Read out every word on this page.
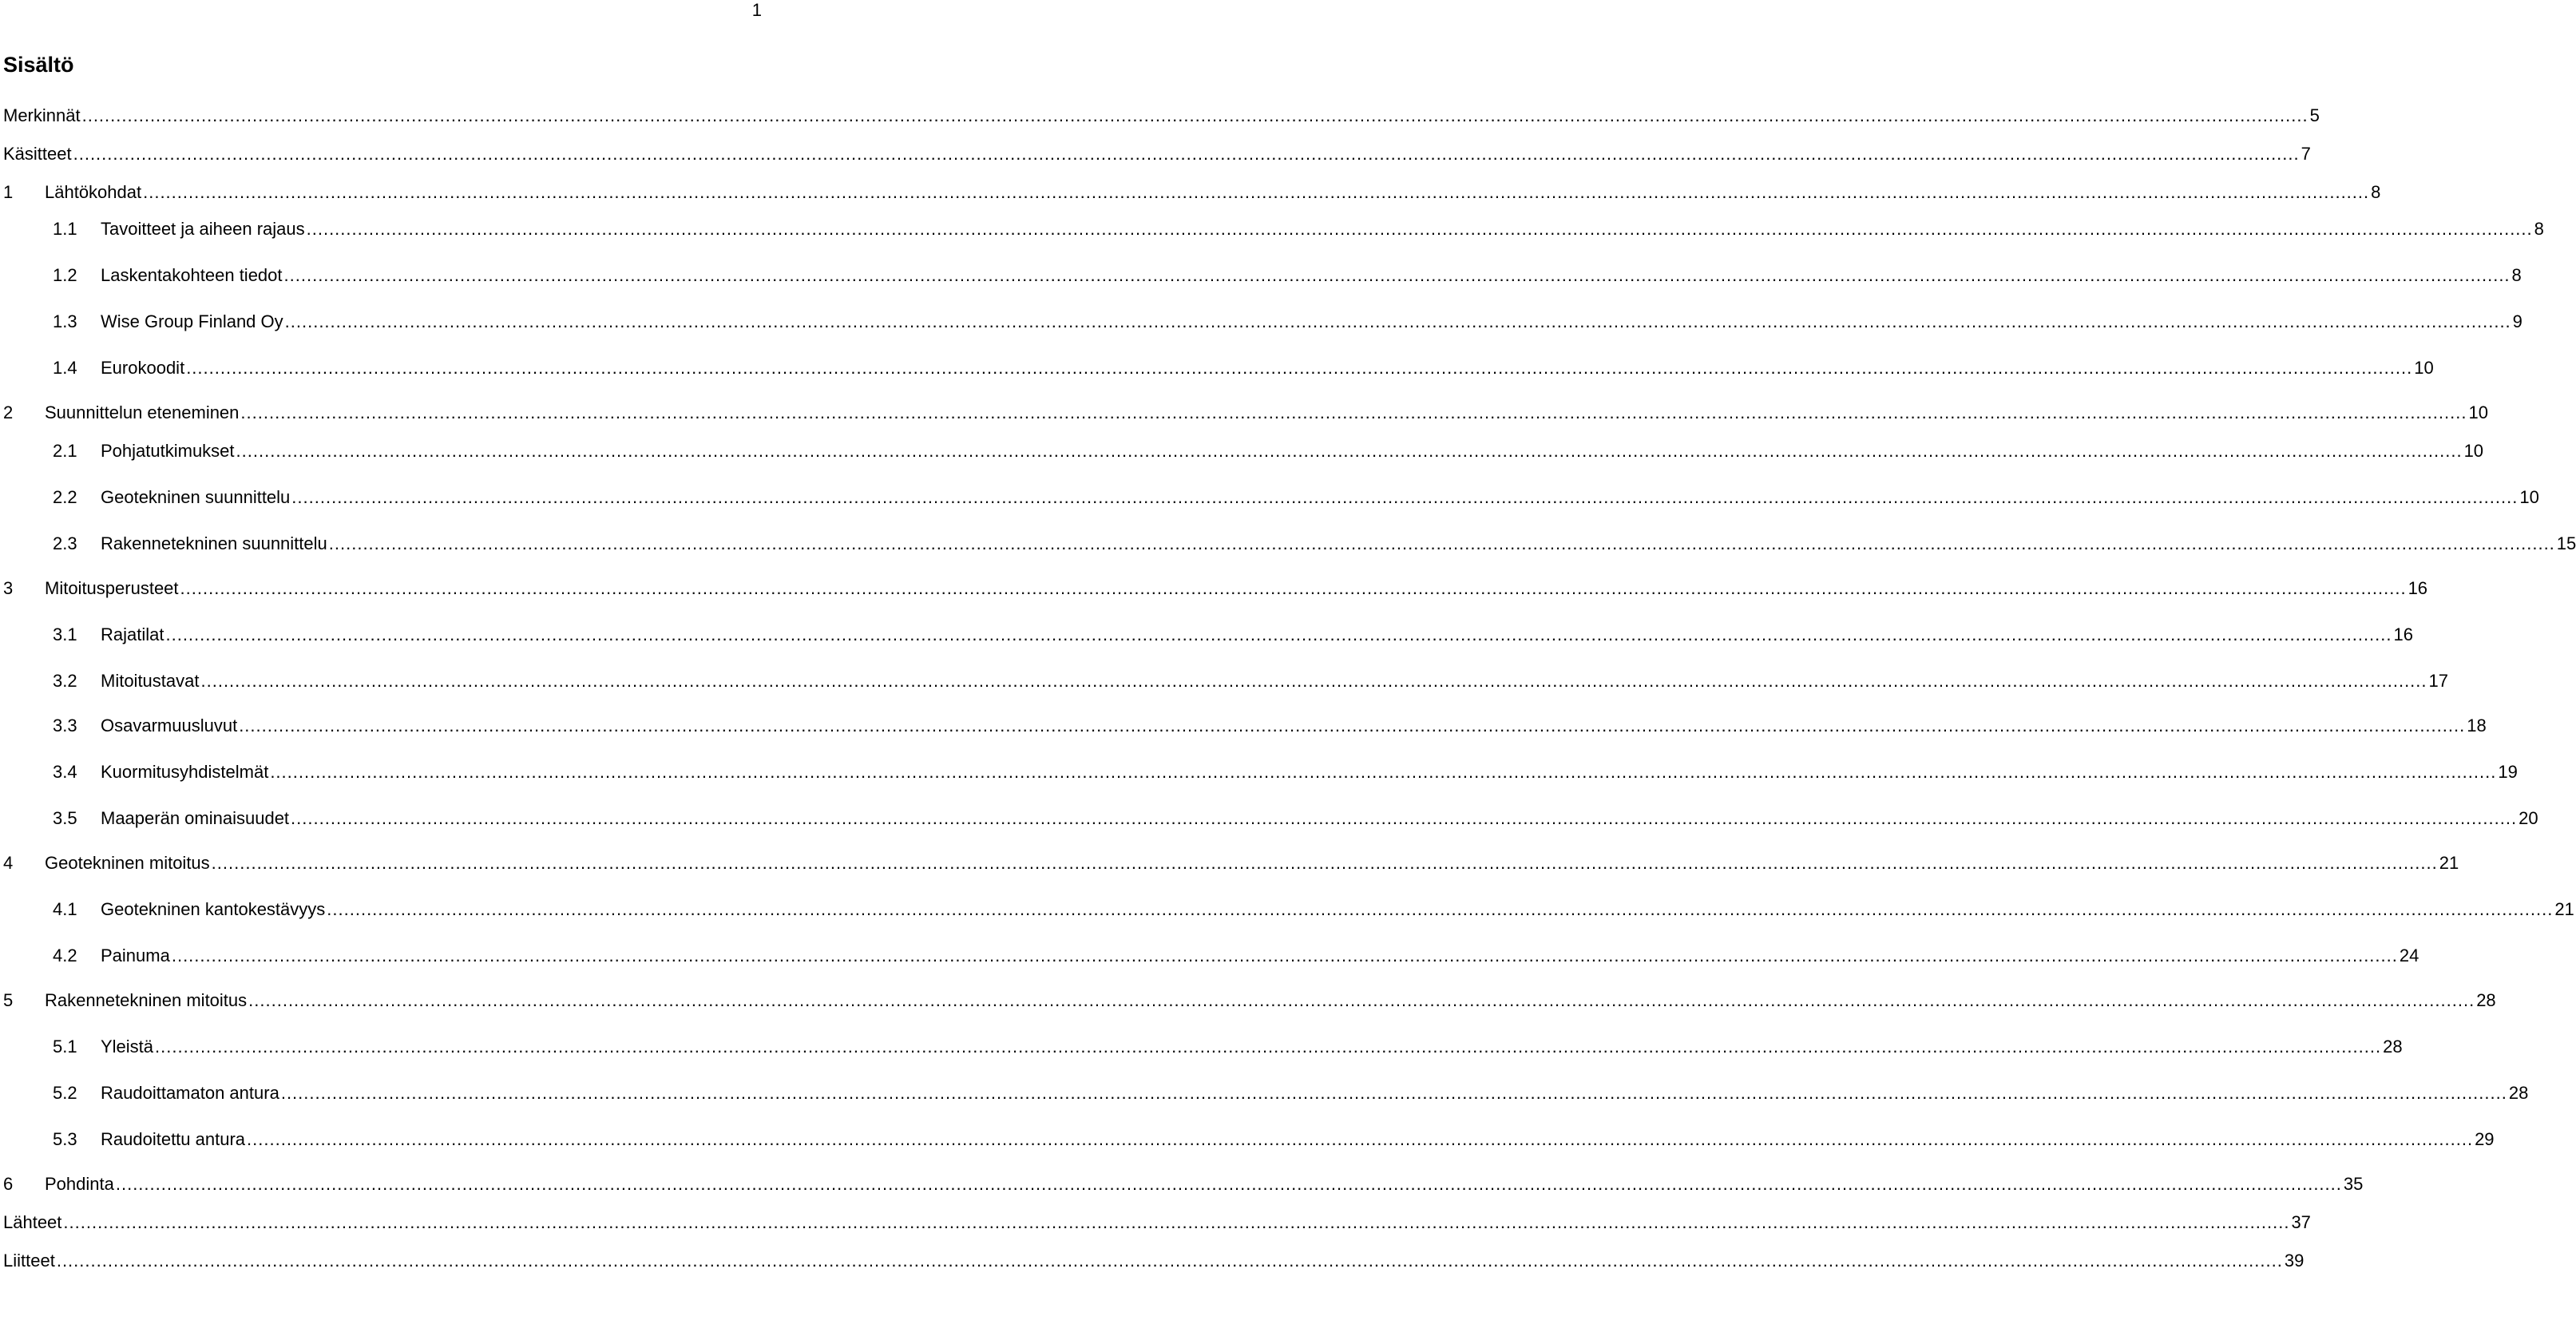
1
Sisältö
Merkinnät .....	5
Käsitteet .....	7
1	Lähtökohdat .....	8
1.1	Tavoitteet ja aiheen rajaus .....	8
1.2	Laskentakohteen tiedot .....	8
1.3	Wise Group Finland Oy .....	9
1.4	Eurokoodit .....	10
2	Suunnittelun eteneminen .....	10
2.1	Pohjatutkimukset .....	10
2.2	Geotekninen suunnittelu .....	10
2.3	Rakennetekninen suunnittelu .....	15
3	Mitoitusperusteet .....	16
3.1	Rajatilat .....	16
3.2	Mitoitustavat .....	17
3.3	Osavarmuusluvut .....	18
3.4	Kuormitusyhdistelmät .....	19
3.5	Maaperän ominaisuudet .....	20
4	Geotekninen mitoitus .....	21
4.1	Geotekninen kantokestävyys .....	21
4.2	Painuma .....	24
5	Rakennetekninen mitoitus .....	28
5.1	Yleistä .....	28
5.2	Raudoittamaton antura .....	28
5.3	Raudoitettu antura .....	29
6	Pohdinta .....	35
Lähteet .....	37
Liitteet .....	39
